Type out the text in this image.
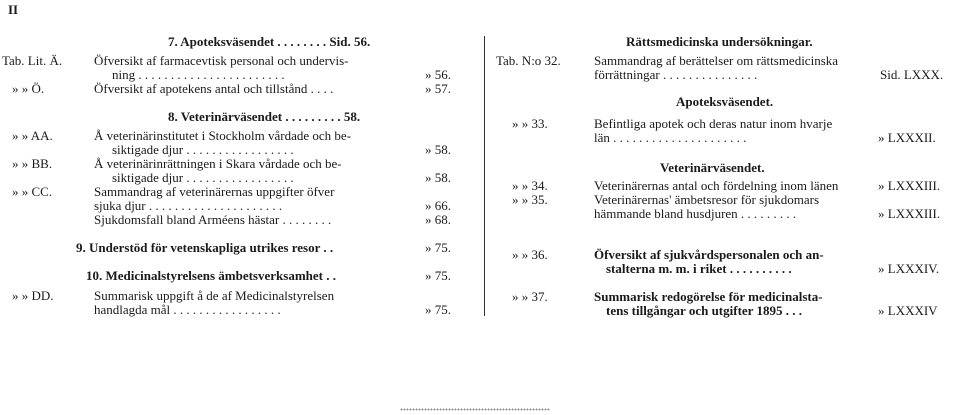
II
7. Apoteksväsendet . . . . . . . . Sid. 56.
Tab. Lit. Ä. Öfversikt af farmacevtisk personal och undervis-
ning . . . . . . . . . . . . . . . . . . . . . . .	» 56.
» » Ö.	Öfversikt af apotekens antal och tillstånd . . . .	» 57.
8. Veterinärväsendet . . . . . . . . . 58.
» » AA.	Å veterinärinstitutet i Stockholm vårdade och be-
siktigade djur . . . . . . . . . . . . . . . . .	» 58.
» » BB.	Å veterinärinrättningen i Skara vårdade och be-
siktigade djur . . . . . . . . . . . . . . . . .	» 58.
» » CC.	Sammandrag af veterinärernas uppgifter öfver
sjuka djur . . . . . . . . . . . . . . . . . . . . .	» 66.
Sjukdomsfall bland Arméens hästar . . . . . . . .	» 68.
9. Understöd för vetenskapliga utrikes resor . .	» 75.
10. Medicinalstyrelsens ämbetsverksamhet . .	» 75.
» » DD.	Summarisk uppgift å de af Medicinalstyrelsen
handlagda mål . . . . . . . . . . . . . . . . .	» 75.
Rättsmedicinska undersökningar.
Tab. N:o 32.	Sammandrag af berättelser om rättsmedicinska
förrättningar . . . . . . . . . . . . . . .	Sid. LXXX.
Apoteksväsendet.
» » 33.	Befintliga apotek och deras natur inom hvarje
län . . . . . . . . . . . . . . . . . . . . .	» LXXXII.
Veterinärväsendet.
» » 34.	Veterinärernas antal och fördelning inom länen	» LXXXIII.
» » 35.	Veterinärernas' ämbetsresor för sjukdomars
hämmande bland husdjuren . . . . . . . . .	» LXXXIII.
» » 36.	Öfversikt af sjukvårdspersonalen och an-
stalterna m. m. i riket . . . . . . . . . .	» LXXXIV.
» » 37.	Summarisk redogörelse för medicinalsta-
tens tillgångar och utgifter 1895 . . .	» LXXXIV
